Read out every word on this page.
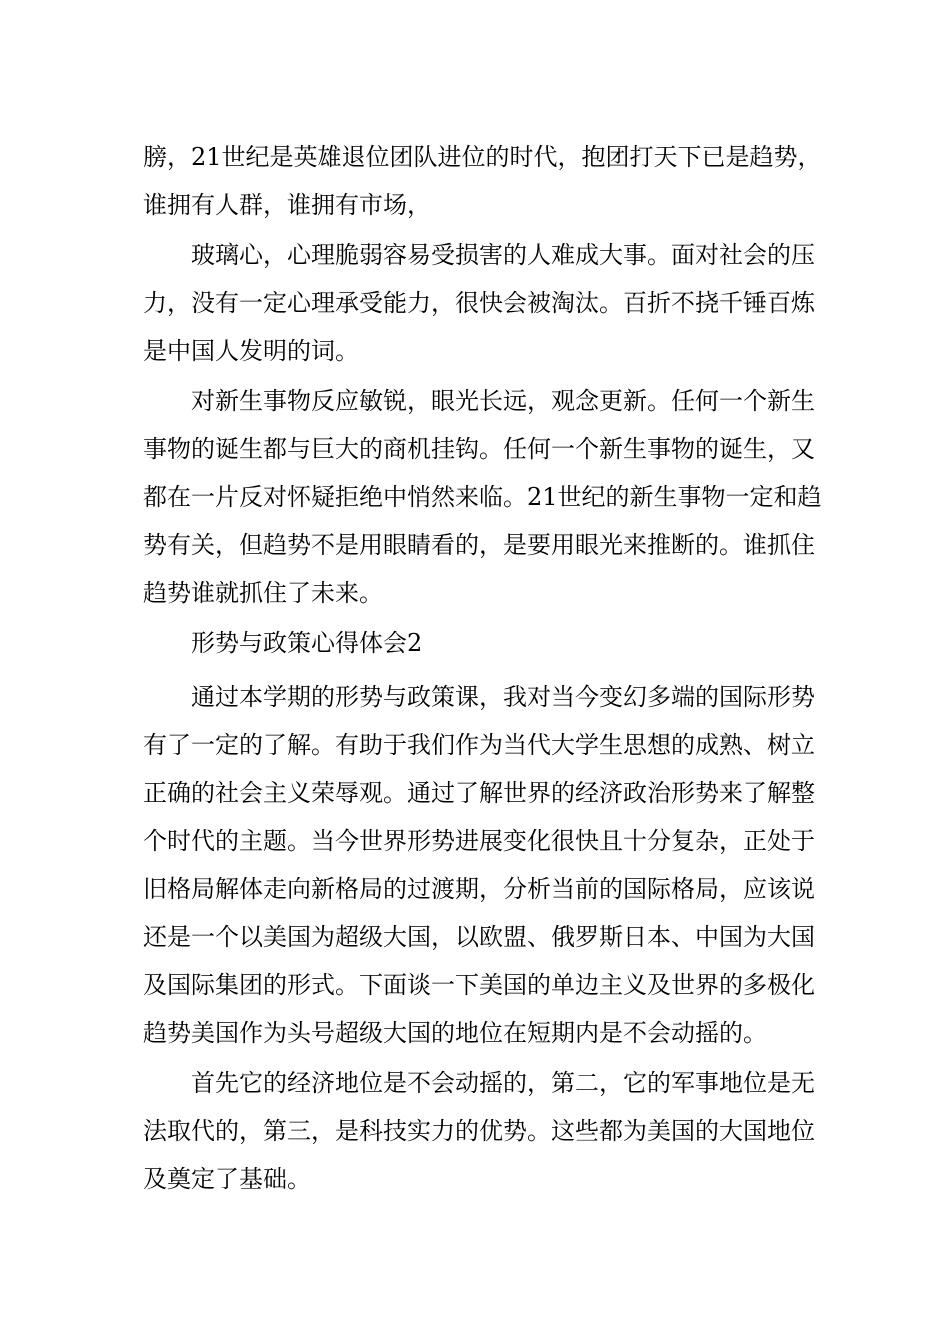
膀，21世纪是英雄退位团队进位的时代，抱团打天下已是趋势，谁拥有人群，谁拥有市场，

玻璃心，心理脆弱容易受损害的人难成大事。面对社会的压力，没有一定心理承受能力，很快会被淘汰。百折不挠千锤百炼是中国人发明的词。

对新生事物反应敏锐，眼光长远，观念更新。任何一个新生事物的诞生都与巨大的商机挂钩。任何一个新生事物的诞生，又都在一片反对怀疑拒绝中悄然来临。21世纪的新生事物一定和趋势有关，但趋势不是用眼睛看的，是要用眼光来推断的。谁抓住趋势谁就抓住了未来。

形势与政策心得体会2

通过本学期的形势与政策课，我对当今变幻多端的国际形势有了一定的了解。有助于我们作为当代大学生思想的成熟、树立正确的社会主义荣辱观。通过了解世界的经济政治形势来了解整个时代的主题。当今世界形势进展变化很快且十分复杂，正处于旧格局解体走向新格局的过渡期，分析当前的国际格局，应该说还是一个以美国为超级大国，以欧盟、俄罗斯日本、中国为大国及国际集团的形式。下面谈一下美国的单边主义及世界的多极化趋势美国作为头号超级大国的地位在短期内是不会动摇的。

首先它的经济地位是不会动摇的，第二，它的军事地位是无法取代的，第三，是科技实力的优势。这些都为美国的大国地位及奠定了基础。
